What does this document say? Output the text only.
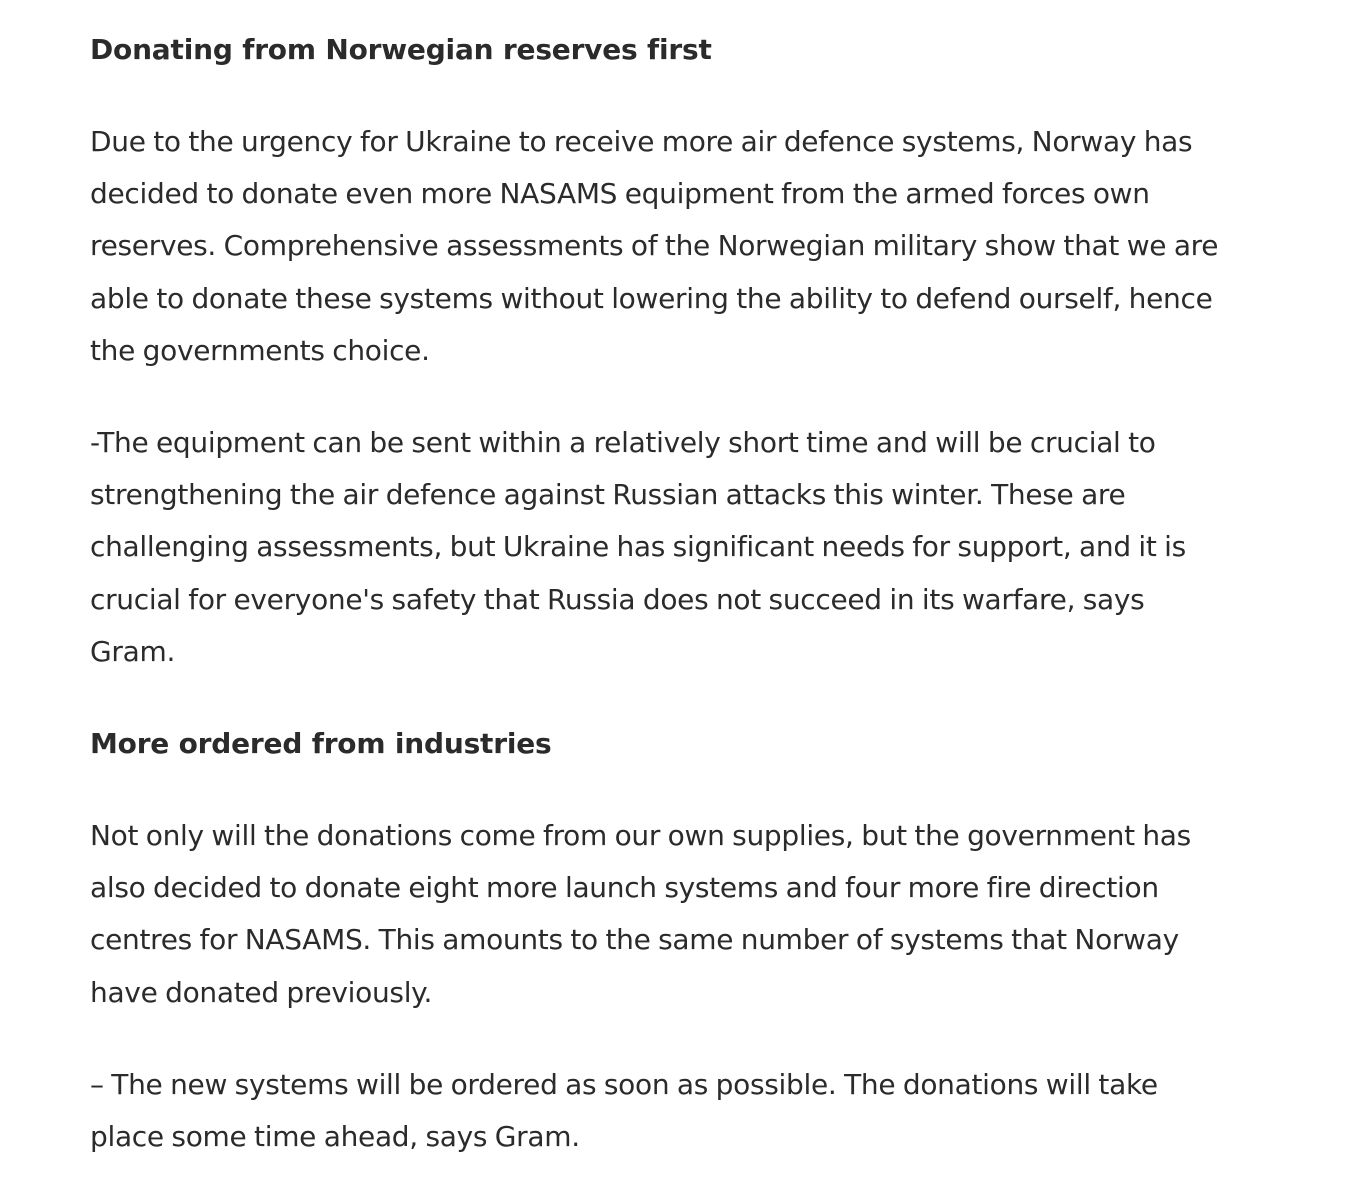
Donating from Norwegian reserves first

Due to the urgency for Ukraine to receive more air defence systems, Norway has decided to donate even more NASAMS equipment from the armed forces own reserves. Comprehensive assessments of the Norwegian military show that we are able to donate these systems without lowering the ability to defend ourself, hence the governments choice.

-The equipment can be sent within a relatively short time and will be crucial to strengthening the air defence against Russian attacks this winter. These are challenging assessments, but Ukraine has significant needs for support, and it is crucial for everyone's safety that Russia does not succeed in its warfare, says Gram.

More ordered from industries

Not only will the donations come from our own supplies, but the government has also decided to donate eight more launch systems and four more fire direction centres for NASAMS. This amounts to the same number of systems that Norway have donated previously.

– The new systems will be ordered as soon as possible. The donations will take place some time ahead, says Gram.
